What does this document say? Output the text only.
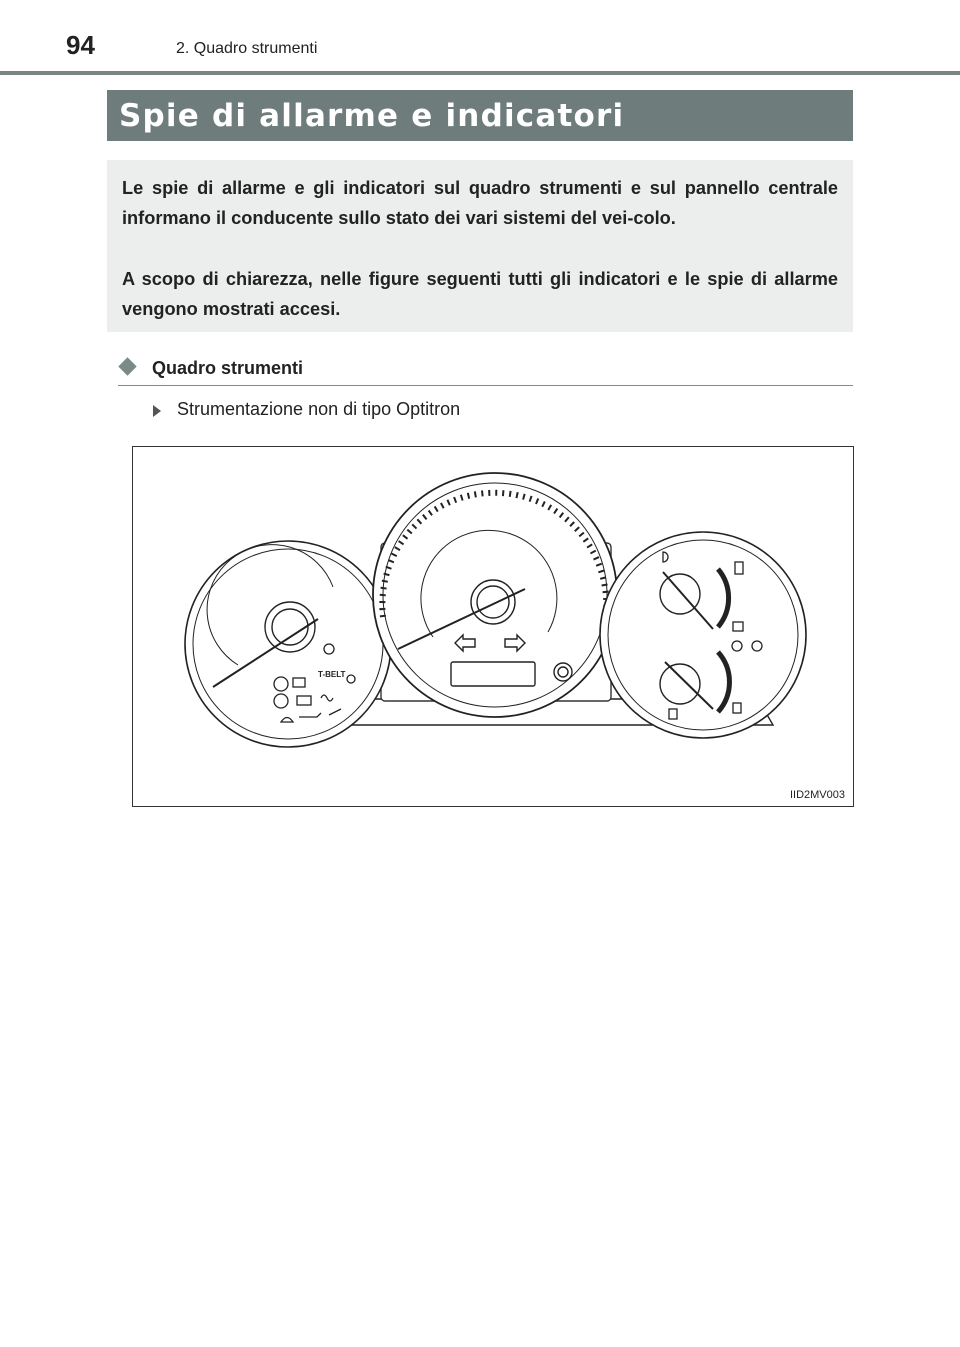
94	2. Quadro strumenti
Spie di allarme e indicatori

Le spie di allarme e gli indicatori sul quadro strumenti e sul pannello centrale informano il conducente sullo stato dei vari sistemi del vei-colo.

A scopo di chiarezza, nelle figure seguenti tutti gli indicatori e le spie di allarme vengono mostrati accesi.

Quadro strumenti
Strumentazione non di tipo Optitron
T-BELT
IID2MV003
